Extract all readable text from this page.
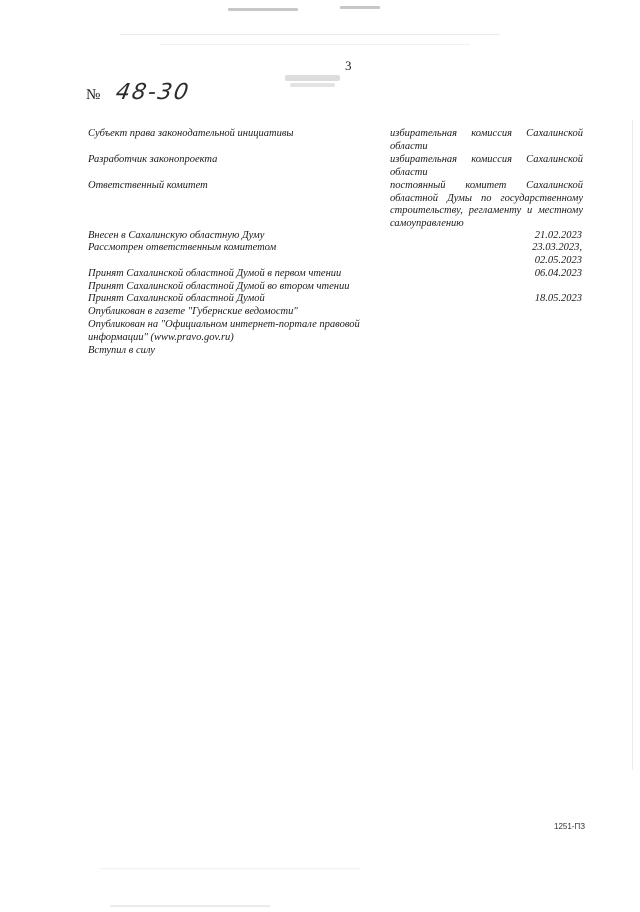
3
№ 48-30
Субъект права законодательной инициативы	избирательная комиссия Сахалинской области
Разработчик законопроекта	избирательная комиссия Сахалинской области
Ответственный комитет	постоянный комитет Сахалинской областной Думы по государственному строительству, регламенту и местному самоуправлению
Внесен в Сахалинскую областную Думу	21.02.2023
Рассмотрен ответственным комитетом	23.03.2023,
02.05.2023
Принят Сахалинской областной Думой в первом чтении	06.04.2023
Принят Сахалинской областной Думой во втором чтении
Принят Сахалинской областной Думой	18.05.2023
Опубликован в газете "Губернские ведомости"
Опубликован на "Официальном интернет-портале правовой информации" (www.pravo.gov.ru)
Вступил в силу
1251-ПЗ
